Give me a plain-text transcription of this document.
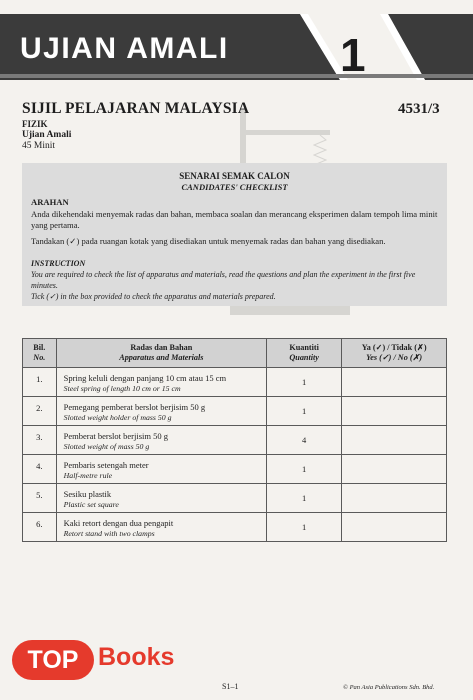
UJIAN AMALI 1
SIJIL PELAJARAN MALAYSIA	4531/3
FIZIK
Ujian Amali
45 Minit
SENARAI SEMAK CALON
CANDIDATES' CHECKLIST
ARAHAN
Anda dikehendaki menyemak radas dan bahan, membaca soalan dan merancang eksperimen dalam tempoh lima minit yang pertama.
Tandakan (✓) pada ruangan kotak yang disediakan untuk menyemak radas dan bahan yang disediakan.
INSTRUCTION
You are required to check the list of apparatus and materials, read the questions and plan the experiment in the first five minutes.
Tick (✓) in the box provided to check the apparatus and materials prepared.
Bil.
No.	Radas dan Bahan
Apparatus and Materials	Kuantiti
Quantity	Ya (✓) / Tidak (✗)
Yes (✓) / No (✗)

1.	Spring keluli dengan panjang 10 cm atau 15 cm
Steel spring of length 10 cm or 15 cm	1	
2.	Pemegang pemberat berslot berjisim 50 g
Slotted weight holder of mass 50 g	1	
3.	Pemberat berslot berjisim 50 g
Slotted weight of mass 50 g	4	
4.	Pembaris setengah meter
Half-metre rule	1	
5.	Sesiku plastik
Plastic set square	1	
6.	Kaki retort dengan dua pengapit
Retort stand with two clamps	1	
TOP Books
S1–1	© Pan Asia Publications Sdn. Bhd.
